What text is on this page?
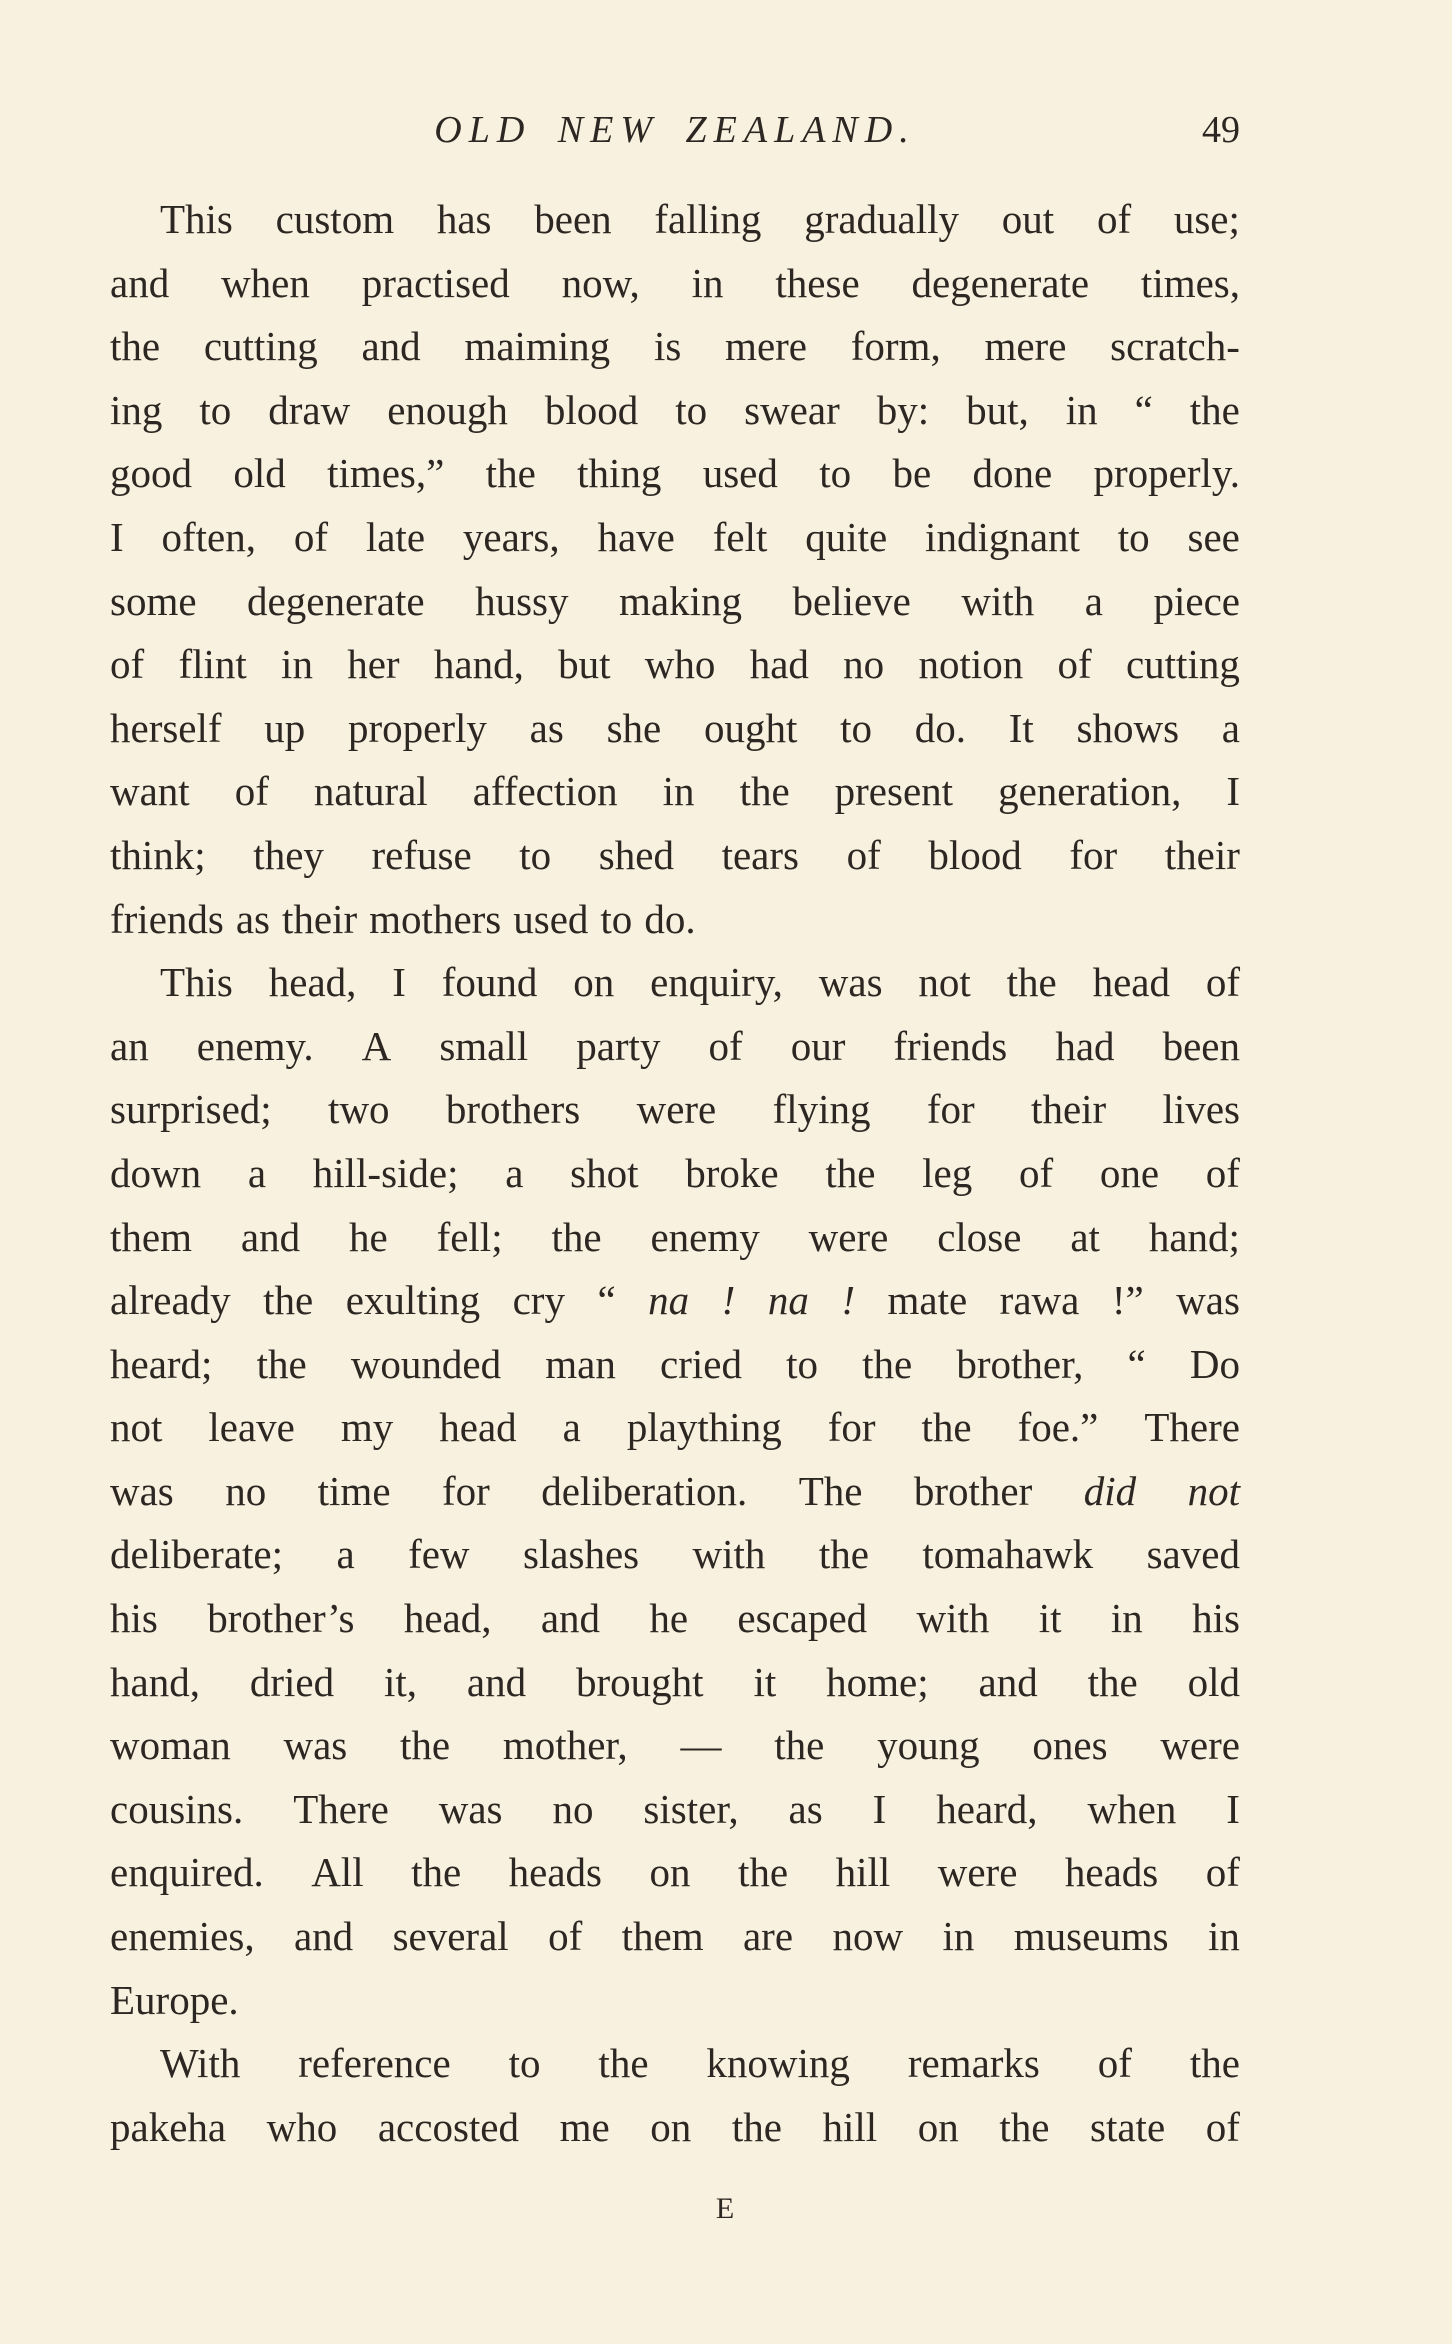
OLD NEW ZEALAND.	49
This custom has been falling gradually out of use;
and when practised now, in these degenerate times,
the cutting and maiming is mere form, mere scratch-
ing to draw enough blood to swear by: but, in “ the
good old times,” the thing used to be done properly.
I often, of late years, have felt quite indignant to see
some degenerate hussy making believe with a piece
of flint in her hand, but who had no notion of cutting
herself up properly as she ought to do. It shows a
want of natural affection in the present generation, I
think; they refuse to shed tears of blood for their
friends as their mothers used to do.
This head, I found on enquiry, was not the head of
an enemy. A small party of our friends had been
surprised; two brothers were flying for their lives
down a hill-side; a shot broke the leg of one of
them and he fell; the enemy were close at hand;
already the exulting cry “ na ! na ! mate rawa !” was
heard; the wounded man cried to the brother, “ Do
not leave my head a plaything for the foe.” There
was no time for deliberation. The brother did not
deliberate; a few slashes with the tomahawk saved
his brother’s head, and he escaped with it in his
hand, dried it, and brought it home; and the old
woman was the mother, — the young ones were
cousins. There was no sister, as I heard, when I
enquired. All the heads on the hill were heads of
enemies, and several of them are now in museums in
Europe.
With reference to the knowing remarks of the
pakeha who accosted me on the hill on the state of
E
